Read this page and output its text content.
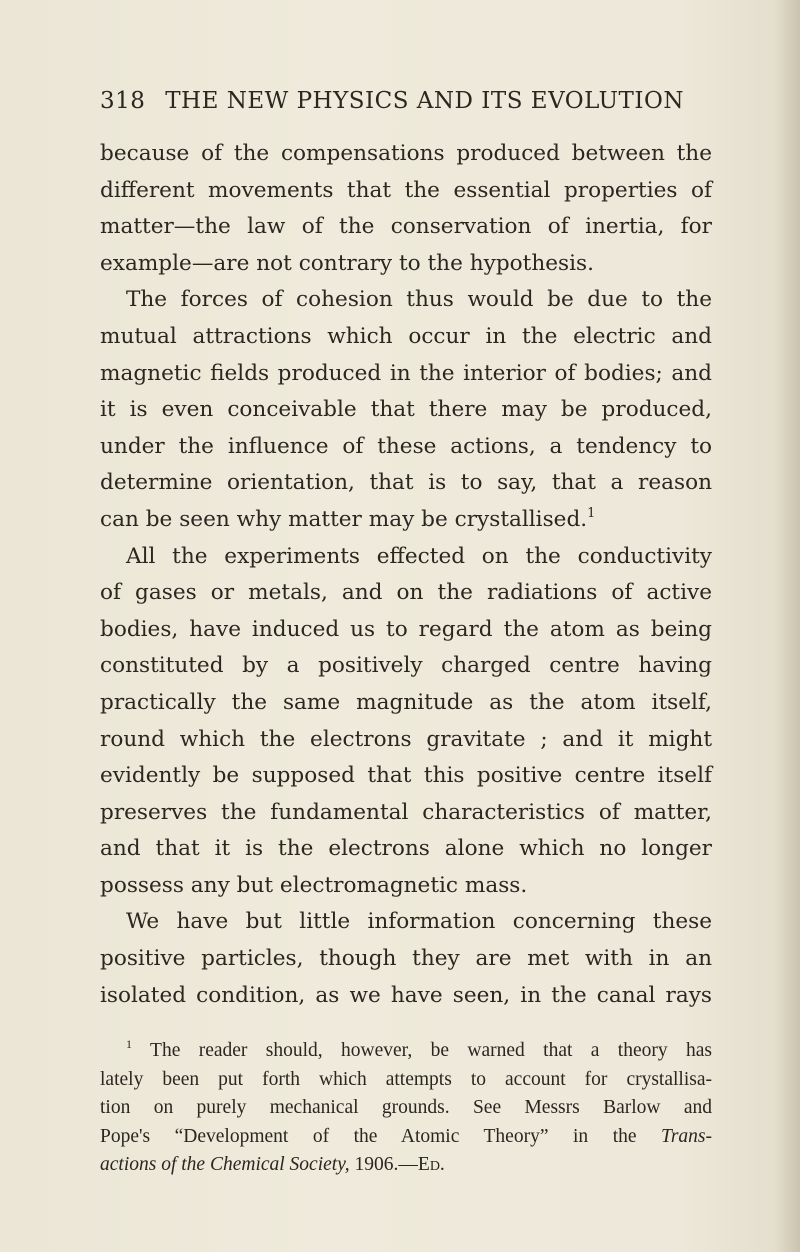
318 THE NEW PHYSICS AND ITS EVOLUTION
because of the compensations produced between the
different movements that the essential properties of
matter—the law of the conservation of inertia, for
example—are not contrary to the hypothesis.
The forces of cohesion thus would be due to the
mutual attractions which occur in the electric and
magnetic fields produced in the interior of bodies; and
it is even conceivable that there may be produced,
under the influence of these actions, a tendency to
determine orientation, that is to say, that a reason
can be seen why matter may be crystallised.$^1$
All the experiments effected on the conductivity
of gases or metals, and on the radiations of active
bodies, have induced us to regard the atom as being
constituted by a positively charged centre having
practically the same magnitude as the atom itself,
round which the electrons gravitate ; and it might
evidently be supposed that this positive centre itself
preserves the fundamental characteristics of matter,
and that it is the electrons alone which no longer
possess any but electromagnetic mass.
We have but little information concerning these
positive particles, though they are met with in an
isolated condition, as we have seen, in the canal rays
$^1$ The reader should, however, be warned that a theory has
lately been put forth which attempts to account for crystallisa-
tion on purely mechanical grounds. See Messrs Barlow and
Pope's “Development of the Atomic Theory” in the Trans-
actions of the Chemical Society, 1906.—Ed.
